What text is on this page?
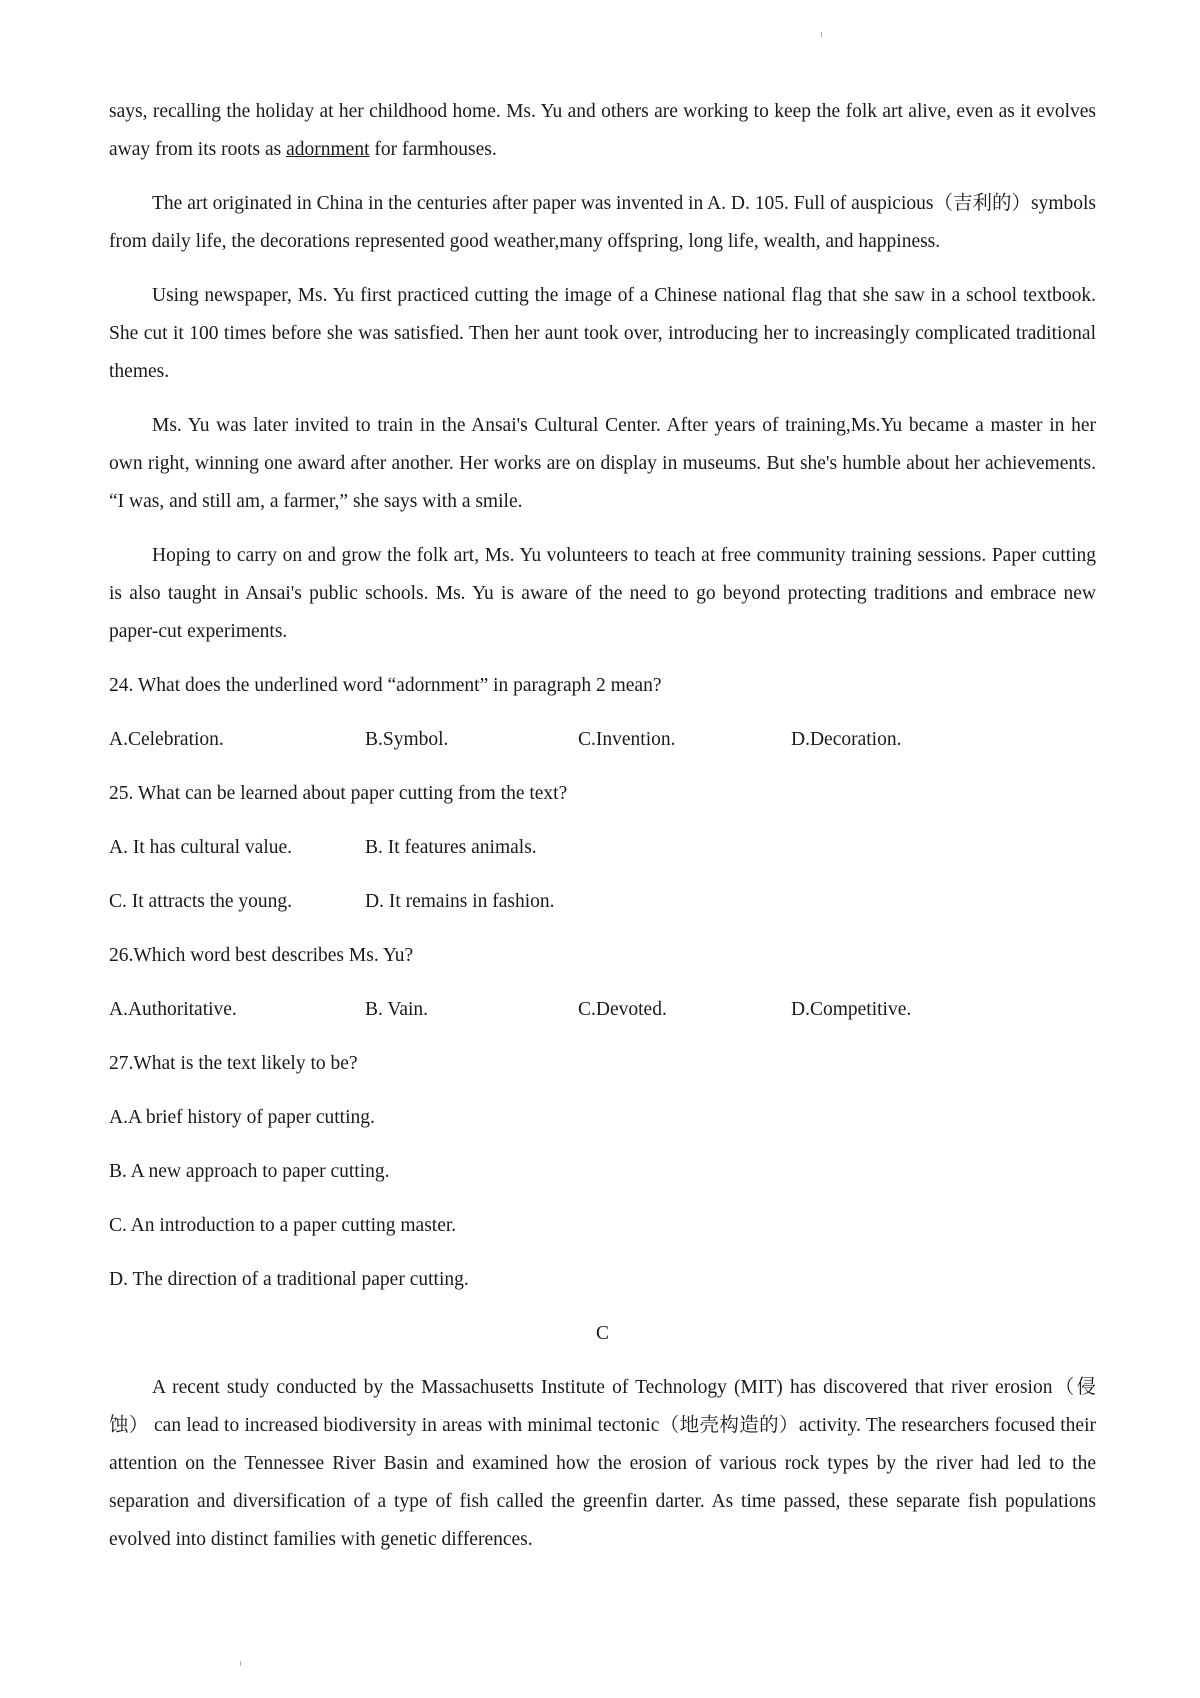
says, recalling the holiday at her childhood home. Ms. Yu and others are working to keep the folk art alive, even as it evolves away from its roots as adornment for farmhouses.

The art originated in China in the centuries after paper was invented in A. D. 105. Full of auspicious（吉利的）symbols from daily life, the decorations represented good weather,many offspring, long life, wealth, and happiness.

Using newspaper, Ms. Yu first practiced cutting the image of a Chinese national flag that she saw in a school textbook. She cut it 100 times before she was satisfied. Then her aunt took over, introducing her to increasingly complicated traditional themes.

Ms. Yu was later invited to train in the Ansai's Cultural Center. After years of training,Ms.Yu became a master in her own right, winning one award after another. Her works are on display in museums. But she's humble about her achievements. “I was, and still am, a farmer,” she says with a smile.

Hoping to carry on and grow the folk art, Ms. Yu volunteers to teach at free community training sessions. Paper cutting is also taught in Ansai's public schools. Ms. Yu is aware of the need to go beyond protecting traditions and embrace new paper-cut experiments.

24. What does the underlined word “adornment” in paragraph 2 mean?
A.Celebration.	B.Symbol.	C.Invention.	D.Decoration.
25. What can be learned about paper cutting from the text?
A. It has cultural value.	B. It features animals.
C. It attracts the young.	D. It remains in fashion.
26.Which word best describes Ms. Yu?
A.Authoritative.	B. Vain.	C.Devoted.	D.Competitive.
27.What is the text likely to be?
A.A brief history of paper cutting.
B. A new approach to paper cutting.
C. An introduction to a paper cutting master.
D. The direction of a traditional paper cutting.
C

A recent study conducted by the Massachusetts Institute of Technology (MIT) has discovered that river erosion（侵蚀） can lead to increased biodiversity in areas with minimal tectonic（地壳构造的）activity. The researchers focused their attention on the Tennessee River Basin and examined how the erosion of various rock types by the river had led to the separation and diversification of a type of fish called the greenfin darter. As time passed, these separate fish populations evolved into distinct families with genetic differences.
